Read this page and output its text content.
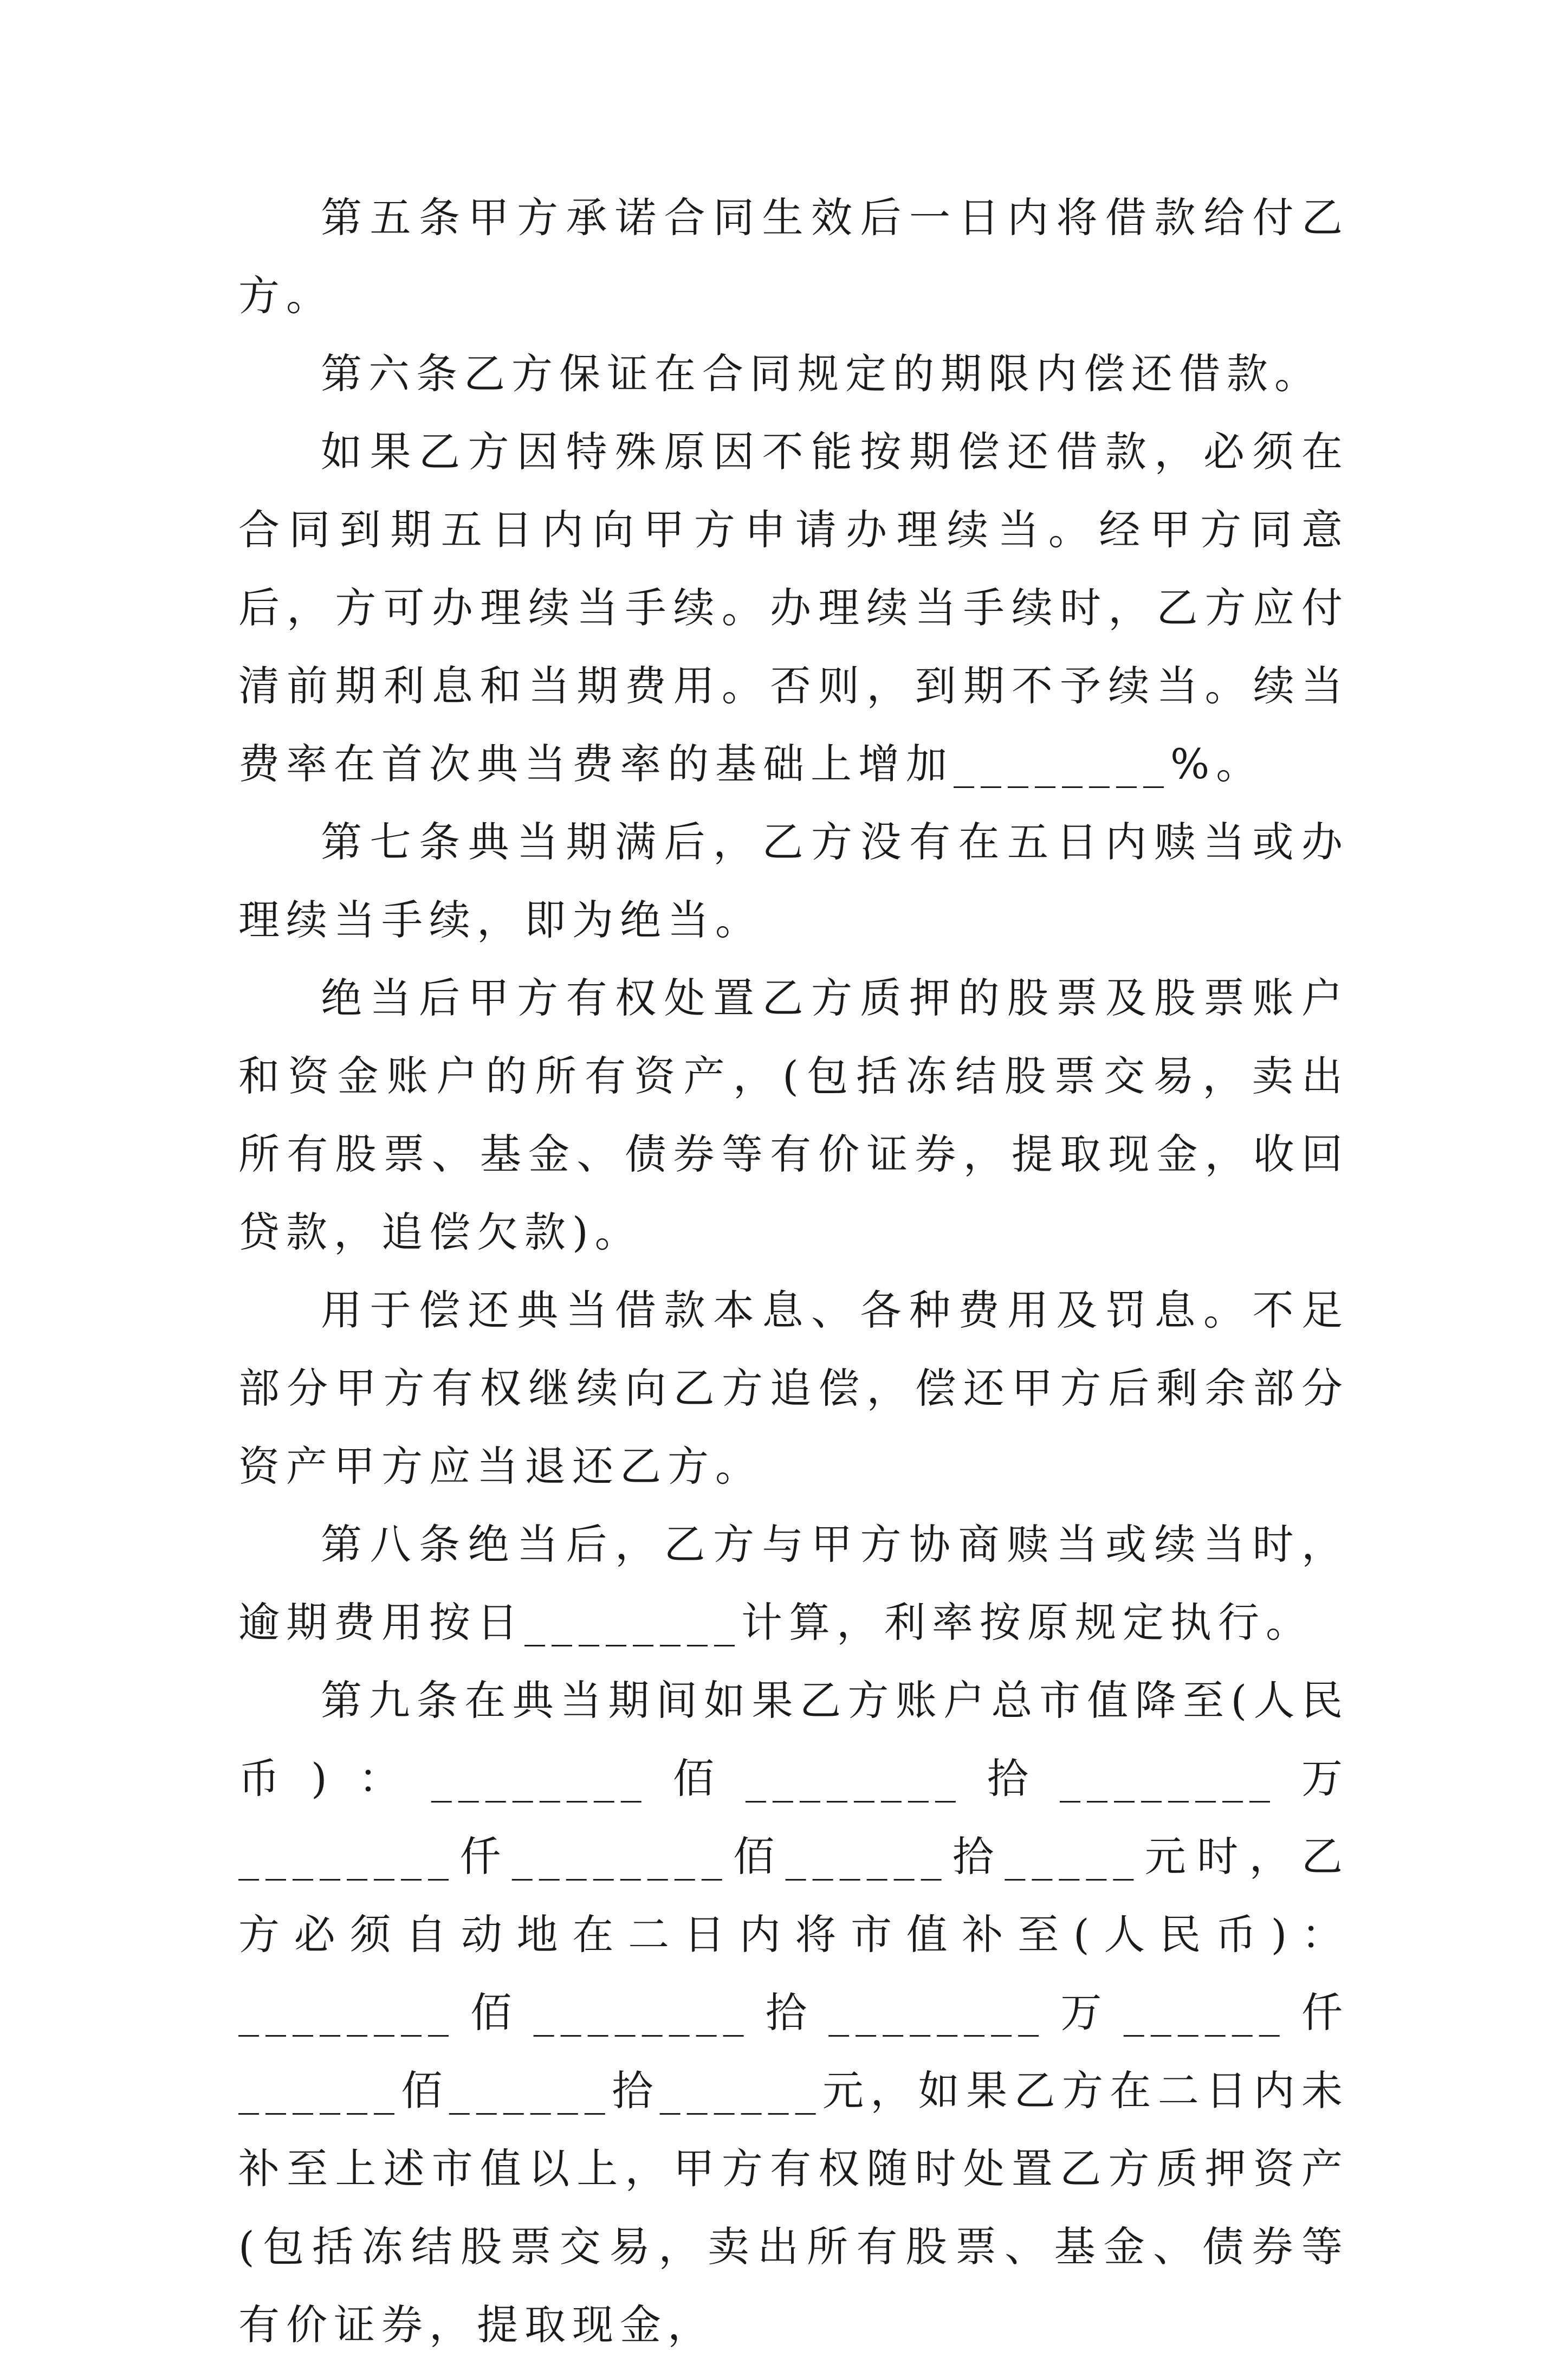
第五条甲方承诺合同生效后一日内将借款给付乙方。

第六条乙方保证在合同规定的期限内偿还借款。

如果乙方因特殊原因不能按期偿还借款，必须在合同到期五日内向甲方申请办理续当。经甲方同意后，方可办理续当手续。办理续当手续时，乙方应付清前期利息和当期费用。否则，到期不予续当。续当费率在首次典当费率的基础上增加________%。

第七条典当期满后，乙方没有在五日内赎当或办理续当手续，即为绝当。

绝当后甲方有权处置乙方质押的股票及股票账户和资金账户的所有资产，(包括冻结股票交易，卖出所有股票、基金、债券等有价证券，提取现金，收回贷款，追偿欠款)。

用于偿还典当借款本息、各种费用及罚息。不足部分甲方有权继续向乙方追偿，偿还甲方后剩余部分资产甲方应当退还乙方。

第八条绝当后，乙方与甲方协商赎当或续当时，逾期费用按日________计算，利率按原规定执行。

第九条在典当期间如果乙方账户总市值降至(人民币)：________佰________拾________万________仟________佰______拾_____元时，乙方必须自动地在二日内将市值补至(人民币)：________佰________拾________万______仟______佰______拾______元，如果乙方在二日内未补至上述市值以上，甲方有权随时处置乙方质押资产(包括冻结股票交易，卖出所有股票、基金、债券等有价证券，提取现金，
